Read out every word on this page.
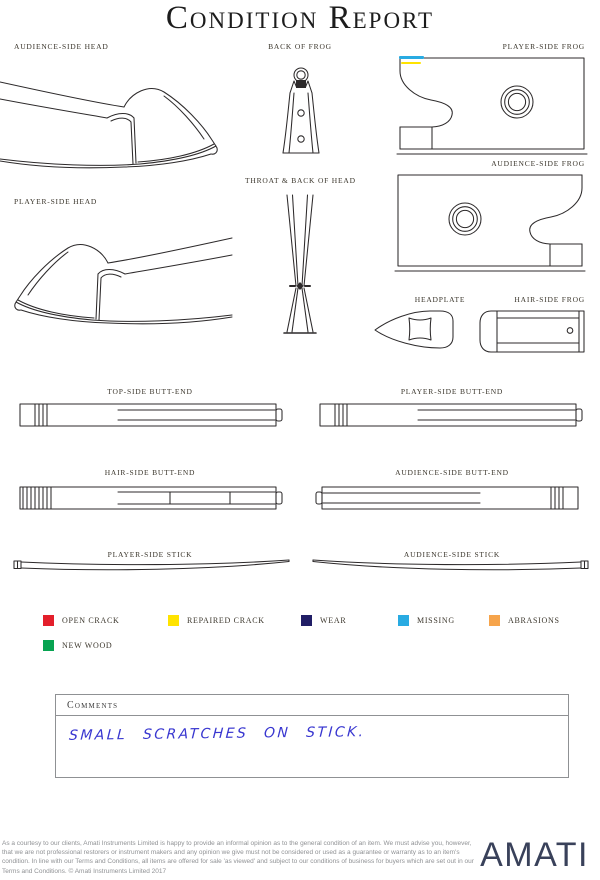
Condition Report
AUDIENCE-SIDE HEAD	BACK OF FROG	PLAYER-SIDE FROG
AUDIENCE-SIDE FROG
PLAYER-SIDE HEAD
THROAT & BACK OF HEAD
HEADPLATE	HAIR-SIDE FROG
TOP-SIDE BUTT-END	PLAYER-SIDE BUTT-END
HAIR-SIDE BUTT-END	AUDIENCE-SIDE BUTT-END
PLAYER-SIDE STICK	AUDIENCE-SIDE STICK
OPEN CRACK	REPAIRED CRACK	WEAR	MISSING	ABRASIONS
NEW WOOD
Comments
SMALL SCRATCHES ON STICK.
As a courtesy to our clients, Amati Instruments Limited is happy to provide an informal opinion as to the general condition of an item. We must advise you, however, that we are not professional restorers or instrument makers and any opinion we give must not be considered or used as a guarantee or warranty as to an item's condition. In line with our Terms and Conditions, all items are offered for sale 'as viewed' and subject to our conditions of business for buyers which are set out in our Terms and Conditions. © Amati Instruments Limited 2017	AMATI
